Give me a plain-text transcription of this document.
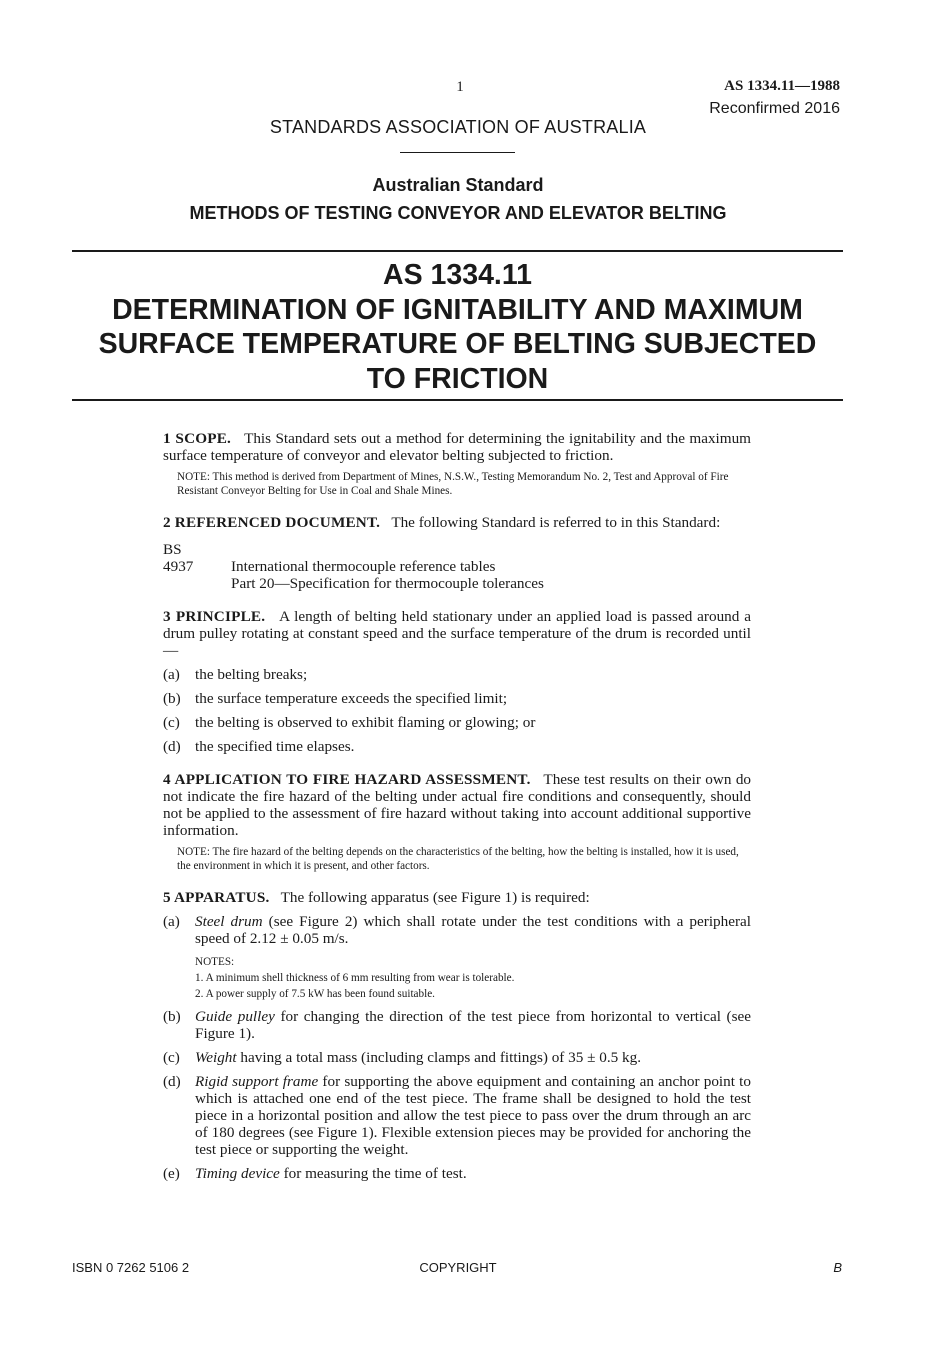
1	AS 1334.11—1988
Reconfirmed 2016
STANDARDS ASSOCIATION OF AUSTRALIA
Australian Standard
METHODS OF TESTING CONVEYOR AND ELEVATOR BELTING
AS 1334.11
DETERMINATION OF IGNITABILITY AND MAXIMUM
SURFACE TEMPERATURE OF BELTING SUBJECTED
TO FRICTION

1 SCOPE. This Standard sets out a method for determining the ignitability and the maximum surface temperature of conveyor and elevator belting subjected to friction.

NOTE: This method is derived from Department of Mines, N.S.W., Testing Memorandum No. 2, Test and Approval of Fire Resistant Conveyor Belting for Use in Coal and Shale Mines.

2 REFERENCED DOCUMENT. The following Standard is referred to in this Standard:

BS
4937	International thermocouple reference tables
Part 20—Specification for thermocouple tolerances

3 PRINCIPLE. A length of belting held stationary under an applied load is passed around a drum pulley rotating at constant speed and the surface temperature of the drum is recorded until—

(a) the belting breaks;
(b) the surface temperature exceeds the specified limit;
(c) the belting is observed to exhibit flaming or glowing; or
(d) the specified time elapses.

4 APPLICATION TO FIRE HAZARD ASSESSMENT. These test results on their own do not indicate the fire hazard of the belting under actual fire conditions and consequently, should not be applied to the assessment of fire hazard without taking into account additional supportive information.

NOTE: The fire hazard of the belting depends on the characteristics of the belting, how the belting is installed, how it is used, the environment in which it is present, and other factors.

5 APPARATUS. The following apparatus (see Figure 1) is required:

(a) Steel drum (see Figure 2) which shall rotate under the test conditions with a peripheral speed of 2.12 ± 0.05 m/s.
NOTES:
1. A minimum shell thickness of 6 mm resulting from wear is tolerable.
2. A power supply of 7.5 kW has been found suitable.
(b) Guide pulley for changing the direction of the test piece from horizontal to vertical (see Figure 1).
(c) Weight having a total mass (including clamps and fittings) of 35 ± 0.5 kg.
(d) Rigid support frame for supporting the above equipment and containing an anchor point to which is attached one end of the test piece. The frame shall be designed to hold the test piece in a horizontal position and allow the test piece to pass over the drum through an arc of 180 degrees (see Figure 1). Flexible extension pieces may be provided for anchoring the test piece or supporting the weight.
(e) Timing device for measuring the time of test.
ISBN 0 7262 5106 2	COPYRIGHT	B
